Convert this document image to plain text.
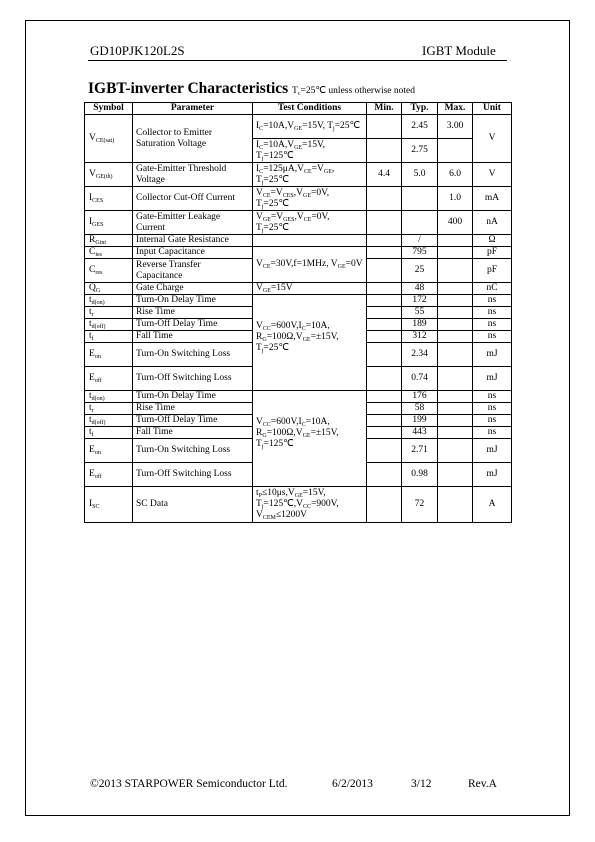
GD10PJK120L2S	IGBT Module
IGBT-inverter Characteristics $T_c=25℃$ unless otherwise noted
Symbol	Parameter	Test Conditions	Min.	Typ.	Max.	Unit
$V_{CE(sat)}$	Collector to Emitter Saturation Voltage	$I_C=10A,V_{GE}=15V$, $T_j=25℃$		2.45	3.00	V
		$I_C=10A,V_{GE}=15V$, $T_j=125℃$		2.75		
$V_{GE(th)}$	Gate-Emitter Threshold Voltage	$I_C=125\mu A,V_{CE}=V_{GE}$, $T_j=25℃$	4.4	5.0	6.0	V
$I_{CES}$	Collector Cut-Off Current	$V_{CE}=V_{CES},V_{GE}=0V$, $T_j=25℃$			1.0	mA
$I_{GES}$	Gate-Emitter Leakage Current	$V_{GE}=V_{GES},V_{CE}=0V$, $T_j=25℃$			400	nA
$R_{Gint}$	Internal Gate Resistance			/		Ω
$C_{ies}$	Input Capacitance	$V_{CE}=30V,f=1MHz$, $V_{GE}=0V$		795		pF
$C_{res}$	Reverse Transfer Capacitance			25		pF
$Q_G$	Gate Charge	$V_{GE}=15V$		48		nC
$t_{d(on)}$	Turn-On Delay Time	$V_{CC}=600V,I_C=10A$, $R_G=100\Omega,V_{GE}=\pm 15V$, $T_j=25℃$		172		ns
$t_r$	Rise Time			55		ns
$t_{d(off)}$	Turn-Off Delay Time			189		ns
$t_f$	Fall Time			312		ns
$E_{on}$	Turn-On Switching Loss			2.34		mJ
$E_{off}$	Turn-Off Switching Loss			0.74		mJ
$t_{d(on)}$	Turn-On Delay Time	$V_{CC}=600V,I_C=10A$, $R_G=100\Omega,V_{GE}=\pm 15V$, $T_j=125℃$		176		ns
$t_r$	Rise Time			58		ns
$t_{d(off)}$	Turn-Off Delay Time			199		ns
$t_f$	Fall Time			443		ns
$E_{on}$	Turn-On Switching Loss			2.71		mJ
$E_{off}$	Turn-Off Switching Loss			0.98		mJ
$I_{SC}$	SC Data	$t_P\le 10\mu s,V_{GE}=15V$, $T_j=125℃,V_{CC}=900V$, $V_{CEM}\le 1200V$		72		A
©2013 STARPOWER Semiconductor Ltd.	6/2/2013	3/12	Rev.A
